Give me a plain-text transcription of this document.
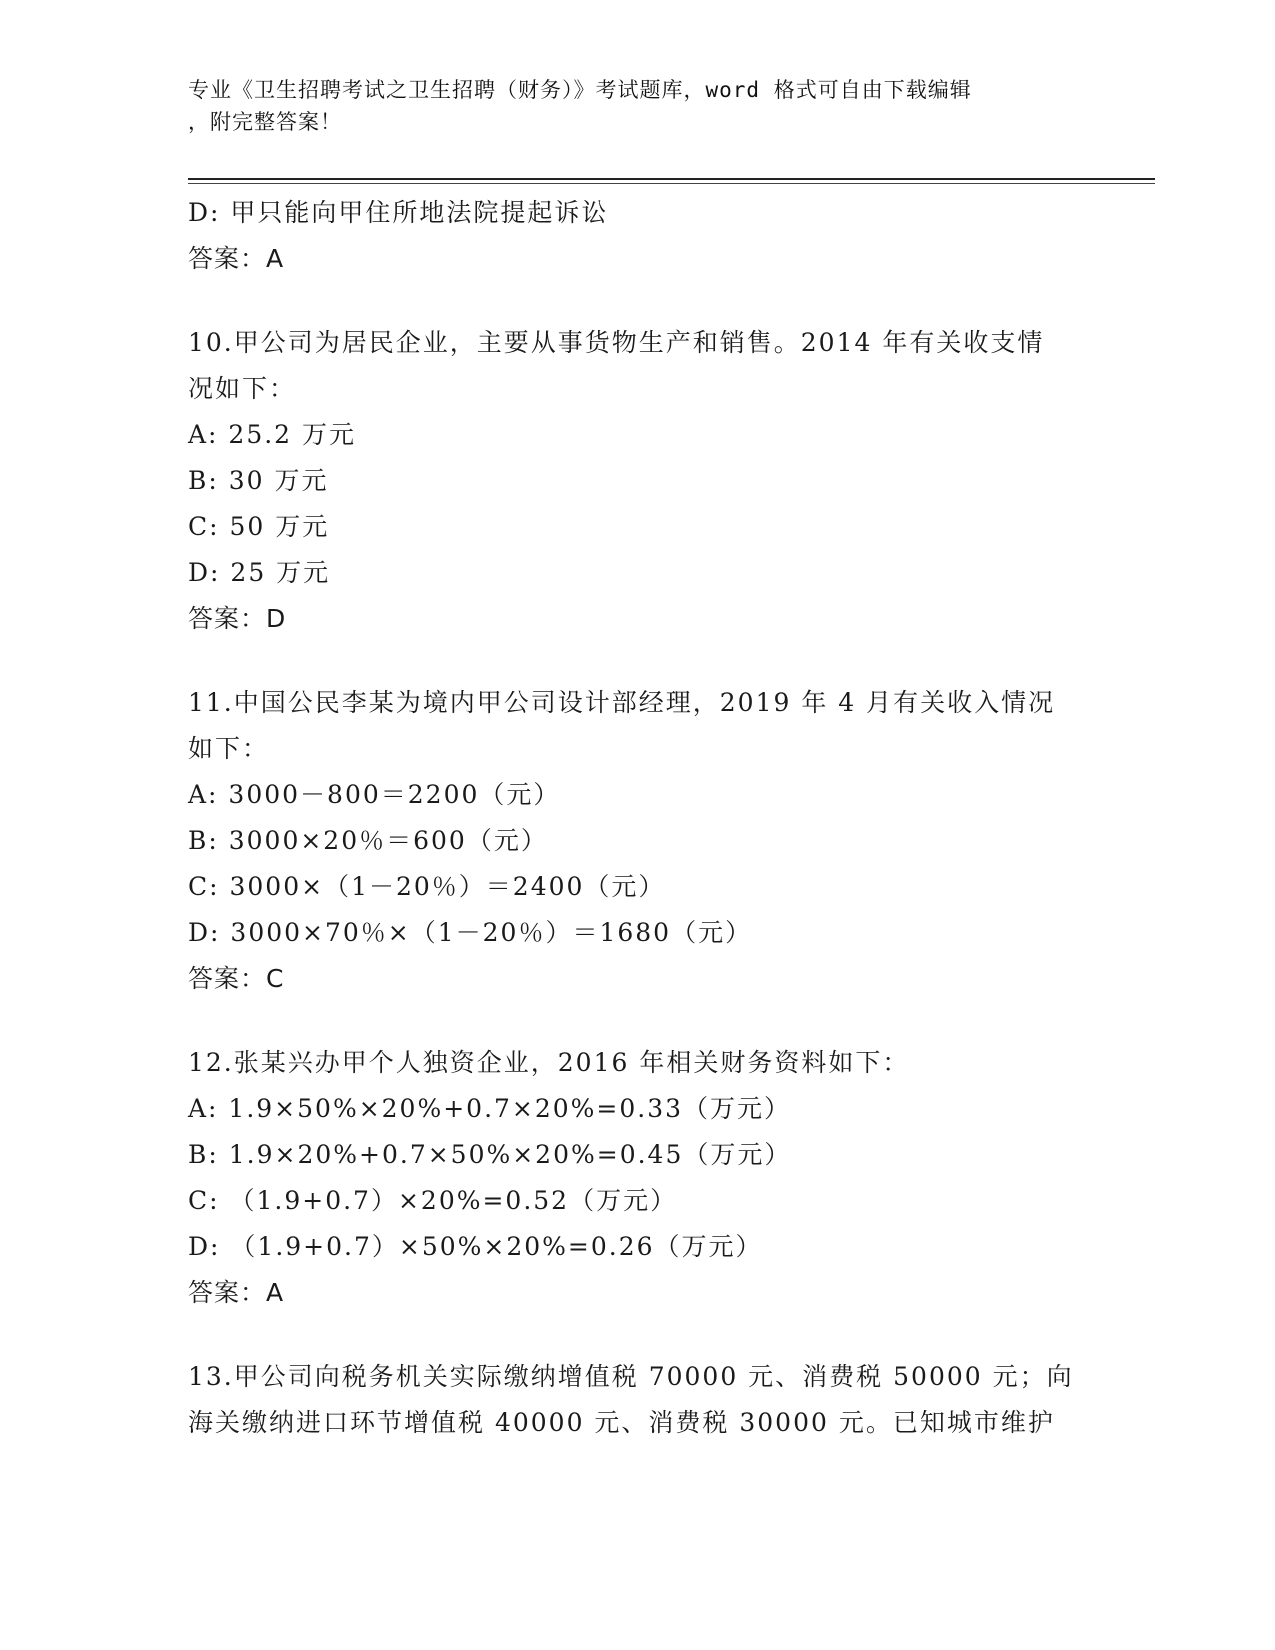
专业《卫生招聘考试之卫生招聘（财务）》考试题库，word 格式可自由下载编辑
，附完整答案！
D: 甲只能向甲住所地法院提起诉讼
答案：A
10.甲公司为居民企业，主要从事货物生产和销售。2014 年有关收支情
况如下：
A: 25.2 万元
B: 30 万元
C: 50 万元
D: 25 万元
答案：D
11.中国公民李某为境内甲公司设计部经理，2019 年 4 月有关收入情况
如下：
A: 3000－800＝2200（元）
B: 3000×20％＝600（元）
C: 3000×（1－20％）＝2400（元）
D: 3000×70％×（1－20％）＝1680（元）
答案：C
12.张某兴办甲个人独资企业，2016 年相关财务资料如下：
A: 1.9×50%×20%+0.7×20%=0.33（万元）
B: 1.9×20%+0.7×50%×20%=0.45（万元）
C: （1.9+0.7）×20%=0.52（万元）
D: （1.9+0.7）×50%×20%=0.26（万元）
答案：A
13.甲公司向税务机关实际缴纳增值税 70000 元、消费税 50000 元；向
海关缴纳进口环节增值税 40000 元、消费税 30000 元。已知城市维护
